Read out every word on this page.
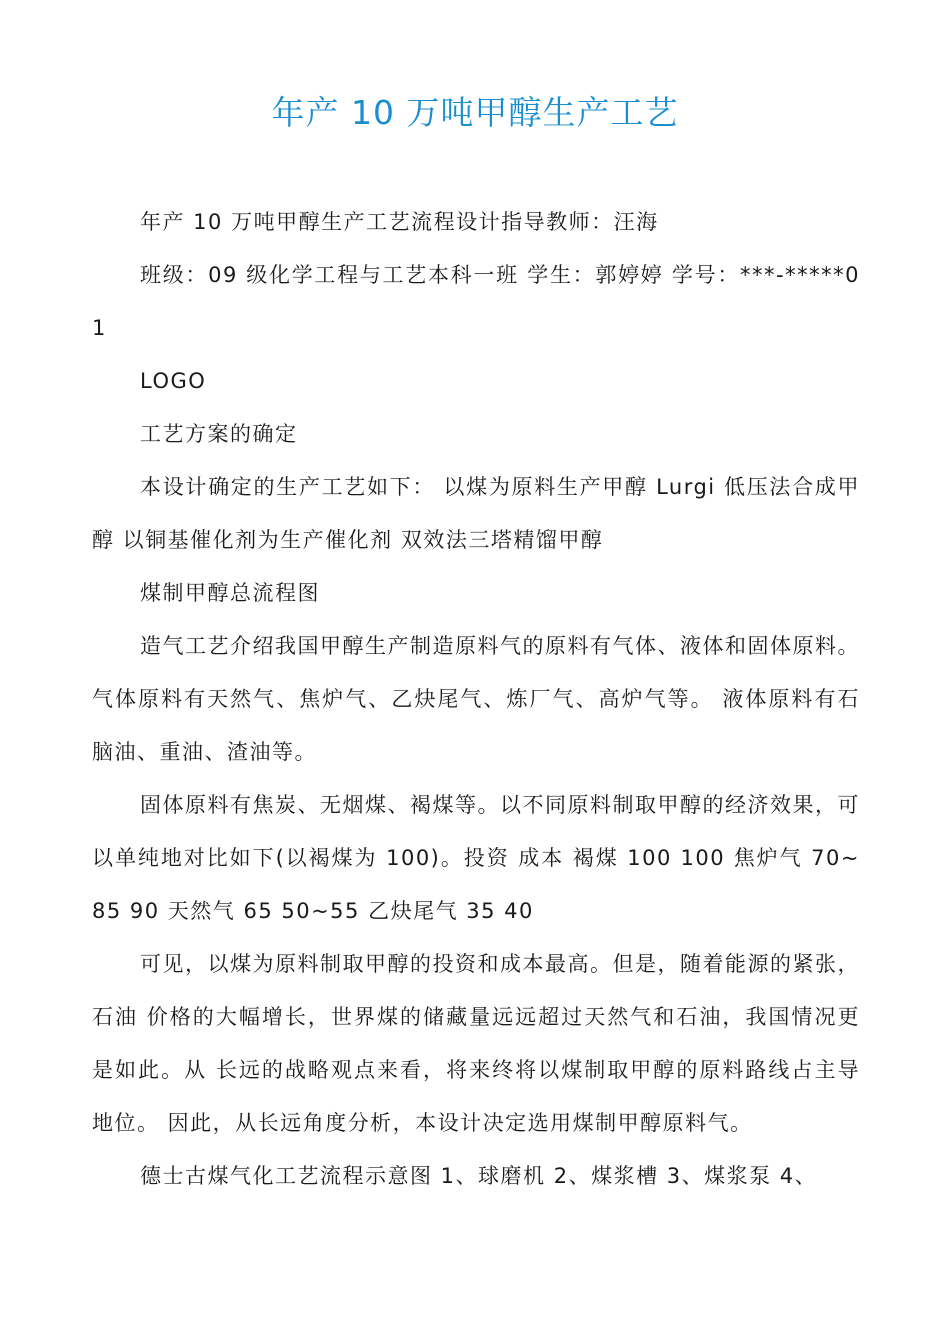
年产 10 万吨甲醇生产工艺

年产 10 万吨甲醇生产工艺流程设计指导教师：汪海

班级：09 级化学工程与工艺本科一班 学生：郭婷婷 学号：***-*****01

LOGO

工艺方案的确定

本设计确定的生产工艺如下： 以煤为原料生产甲醇 Lurgi 低压法合成甲醇 以铜基催化剂为生产催化剂 双效法三塔精馏甲醇

煤制甲醇总流程图

造气工艺介绍我国甲醇生产制造原料气的原料有气体、液体和固体原料。 气体原料有天然气、焦炉气、乙炔尾气、炼厂气、高炉气等。 液体原料有石脑油、重油、渣油等。

固体原料有焦炭、无烟煤、褐煤等。以不同原料制取甲醇的经济效果，可以单纯地对比如下(以褐煤为 100)。投资 成本 褐煤 100 100 焦炉气 70~85 90 天然气 65 50~55 乙炔尾气 35 40

可见，以煤为原料制取甲醇的投资和成本最高。但是，随着能源的紧张，石油 价格的大幅增长，世界煤的储藏量远远超过天然气和石油，我国情况更是如此。从 长远的战略观点来看，将来终将以煤制取甲醇的原料路线占主导地位。 因此，从长远角度分析，本设计决定选用煤制甲醇原料气。

德士古煤气化工艺流程示意图 1、球磨机 2、煤浆槽 3、煤浆泵 4、
